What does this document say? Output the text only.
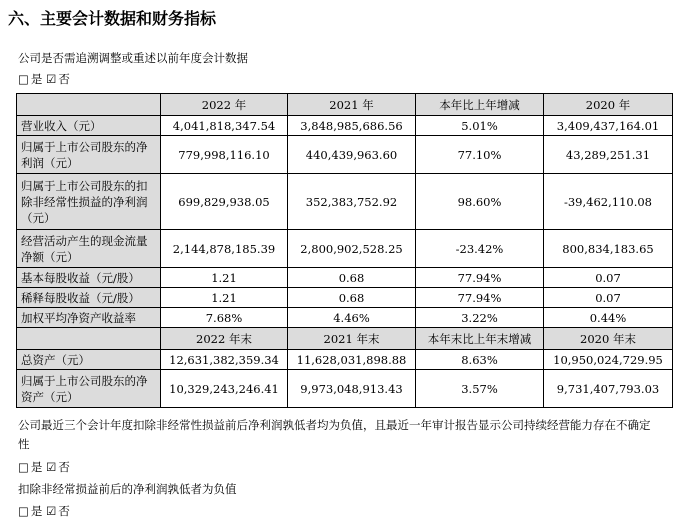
六、主要会计数据和财务指标
公司是否需追溯调整或重述以前年度会计数据
□ 是 ☑ 否
	2022 年	2021 年	本年比上年增减	2020 年
营业收入（元）	4,041,818,347.54	3,848,985,686.56	5.01%	3,409,437,164.01
归属于上市公司股东的净利润（元）	779,998,116.10	440,439,963.60	77.10%	43,289,251.31
归属于上市公司股东的扣除非经常性损益的净利润（元）	699,829,938.05	352,383,752.92	98.60%	-39,462,110.08
经营活动产生的现金流量净额（元）	2,144,878,185.39	2,800,902,528.25	-23.42%	800,834,183.65
基本每股收益（元/股）	1.21	0.68	77.94%	0.07
稀释每股收益（元/股）	1.21	0.68	77.94%	0.07
加权平均净资产收益率	7.68%	4.46%	3.22%	0.44%
	2022 年末	2021 年末	本年末比上年末增减	2020 年末
总资产（元）	12,631,382,359.34	11,628,031,898.88	8.63%	10,950,024,729.95
归属于上市公司股东的净资产（元）	10,329,243,246.41	9,973,048,913.43	3.57%	9,731,407,793.03
公司最近三个会计年度扣除非经常性损益前后净利润孰低者均为负值，且最近一年审计报告显示公司持续经营能力存在不确定性
□ 是 ☑ 否
扣除非经常损益前后的净利润孰低者为负值
□ 是 ☑ 否
